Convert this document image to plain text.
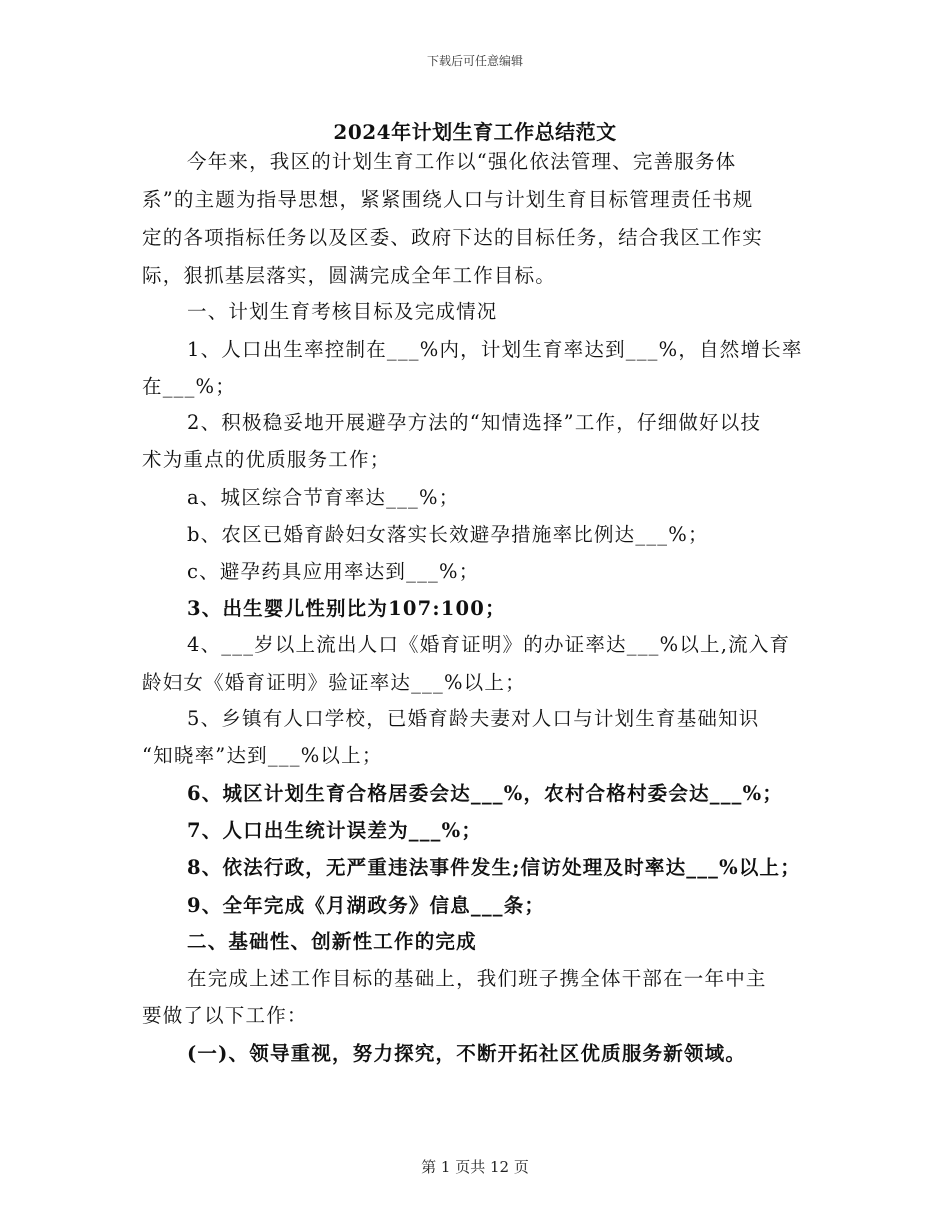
下载后可任意编辑
2024年计划生育工作总结范文
今年来，我区的计划生育工作以“强化依法管理、完善服务体
系”的主题为指导思想，紧紧围绕人口与计划生育目标管理责任书规
定的各项指标任务以及区委、政府下达的目标任务，结合我区工作实
际，狠抓基层落实，圆满完成全年工作目标。
一、计划生育考核目标及完成情况
1、人口出生率控制在___%内，计划生育率达到___%，自然增长率
在___%；
2、积极稳妥地开展避孕方法的“知情选择”工作，仔细做好以技
术为重点的优质服务工作；
a、城区综合节育率达___%；
b、农区已婚育龄妇女落实长效避孕措施率比例达___%；
c、避孕药具应用率达到___%；
3、出生婴儿性别比为107:100；
4、___岁以上流出人口《婚育证明》的办证率达___%以上,流入育
龄妇女《婚育证明》验证率达___%以上；
5、乡镇有人口学校，已婚育龄夫妻对人口与计划生育基础知识
“知晓率”达到___%以上；
6、城区计划生育合格居委会达___%，农村合格村委会达___%；
7、人口出生统计误差为___%；
8、依法行政，无严重违法事件发生;信访处理及时率达___%以上；
9、全年完成《月湖政务》信息___条；
二、基础性、创新性工作的完成
在完成上述工作目标的基础上，我们班子携全体干部在一年中主
要做了以下工作：
(一)、领导重视，努力探究，不断开拓社区优质服务新领域。
第 1 页共 12 页
